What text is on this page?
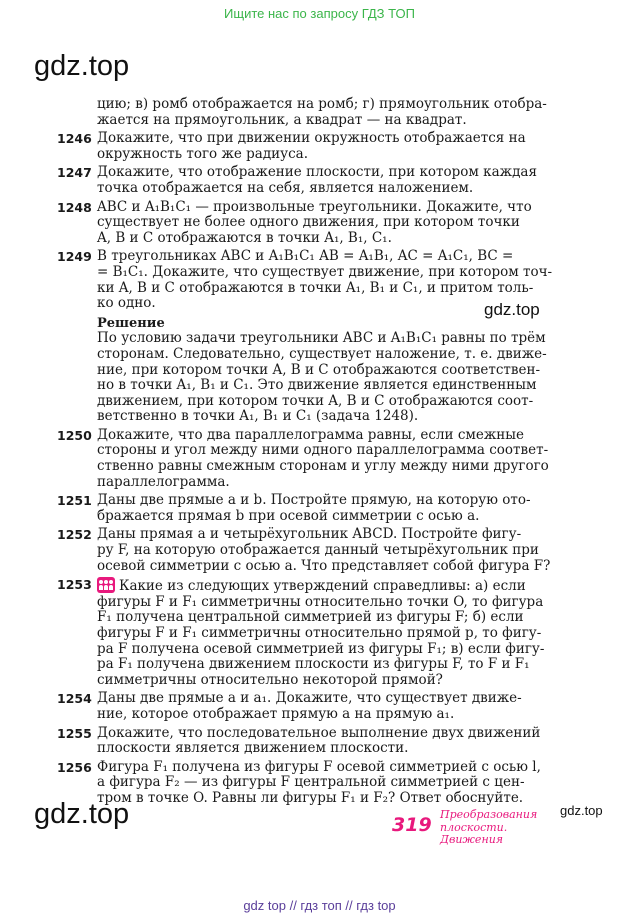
Ищите нас по запросу ГДЗ ТОП
gdz.top
gdz.top
gdz.top	gdz.top
цию; в) ромб отображается на ромб; г) прямоугольник отобра-
жается на прямоугольник, а квадрат — на квадрат.
1246 Докажите, что при движении окружность отображается на
окружность того же радиуса.
1247 Докажите, что отображение плоскости, при котором каждая
точка отображается на себя, является наложением.
1248 ABC и A₁B₁C₁ — произвольные треугольники. Докажите, что
существует не более одного движения, при котором точки
A, B и C отображаются в точки A₁, B₁, C₁.
1249 В треугольниках ABC и A₁B₁C₁ AB = A₁B₁, AC = A₁C₁, BC =
= B₁C₁. Докажите, что существует движение, при котором точ-
ки A, B и C отображаются в точки A₁, B₁ и C₁, и притом толь-
ко одно.
Решение
По условию задачи треугольники ABC и A₁B₁C₁ равны по трём
сторонам. Следовательно, существует наложение, т. е. движе-
ние, при котором точки A, B и C отображаются соответствен-
но в точки A₁, B₁ и C₁. Это движение является единственным
движением, при котором точки A, B и C отображаются соот-
ветственно в точки A₁, B₁ и C₁ (задача 1248).
1250 Докажите, что два параллелограмма равны, если смежные
стороны и угол между ними одного параллелограмма соответ-
ственно равны смежным сторонам и углу между ними другого
параллелограмма.
1251 Даны две прямые a и b. Постройте прямую, на которую ото-
бражается прямая b при осевой симметрии с осью a.
1252 Даны прямая a и четырёхугольник ABCD. Постройте фигу-
ру F, на которую отображается данный четырёхугольник при
осевой симметрии с осью a. Что представляет собой фигура F?
1253	Какие из следующих утверждений справедливы: а) если
фигуры F и F₁ симметричны относительно точки O, то фигура
F₁ получена центральной симметрией из фигуры F; б) если
фигуры F и F₁ симметричны относительно прямой p, то фигу-
ра F получена осевой симметрией из фигуры F₁; в) если фигу-
ра F₁ получена движением плоскости из фигуры F, то F и F₁
симметричны относительно некоторой прямой?
1254 Даны две прямые a и a₁. Докажите, что существует движе-
ние, которое отображает прямую a на прямую a₁.
1255 Докажите, что последовательное выполнение двух движений
плоскости является движением плоскости.
1256 Фигура F₁ получена из фигуры F осевой симметрией с осью l,
а фигура F₂ — из фигуры F центральной симметрией с цен-
тром в точке O. Равны ли фигуры F₁ и F₂? Ответ обоснуйте.
319 Преобразования
плоскости.
Движения
gdz top // гдз топ // гдз top
